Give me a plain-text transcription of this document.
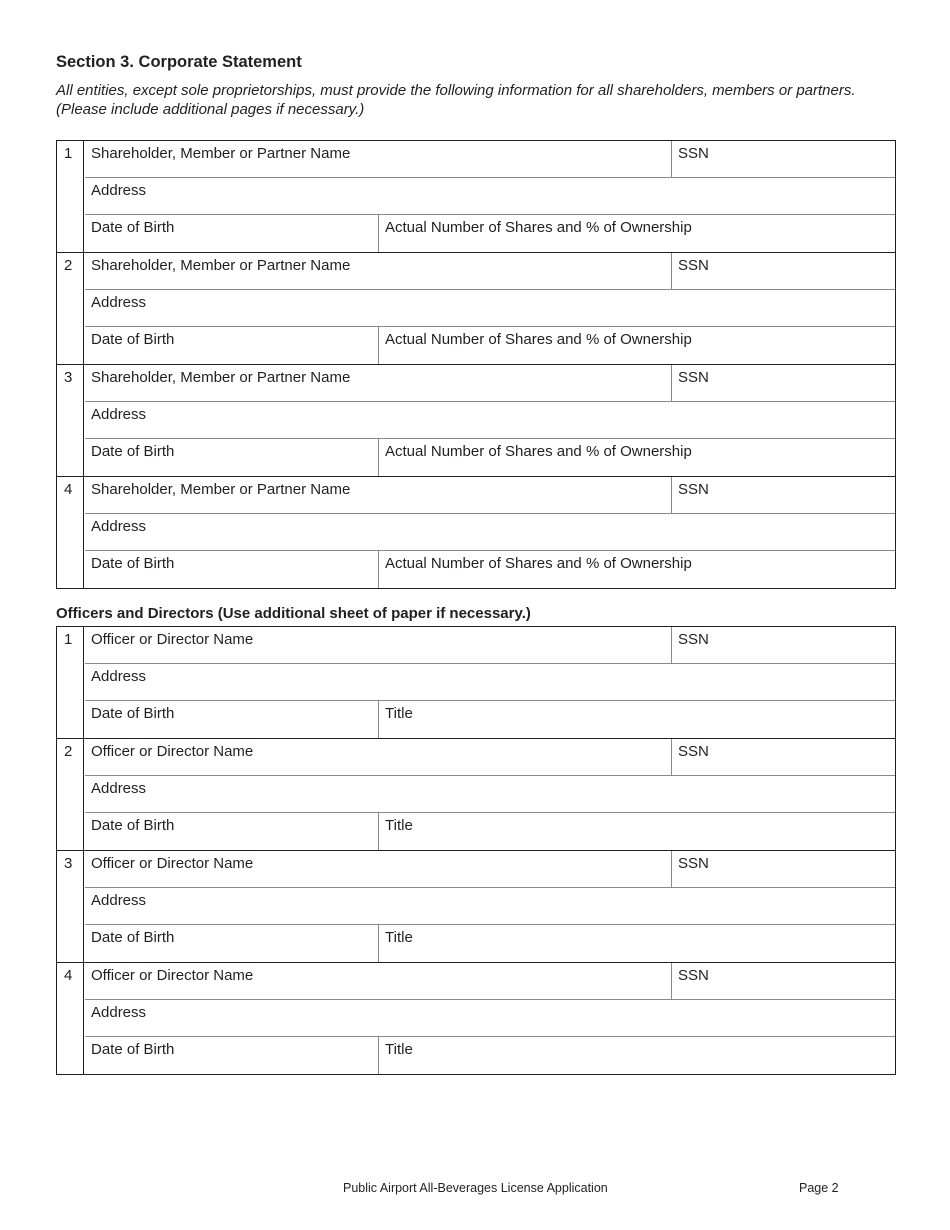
Section 3. Corporate Statement
All entities, except sole proprietorships, must provide the following information for all shareholders, members or partners. (Please include additional pages if necessary.)
1	Shareholder, Member or Partner Name	SSN
Address
Date of Birth	Actual Number of Shares and % of Ownership
2	Shareholder, Member or Partner Name	SSN
Address
Date of Birth	Actual Number of Shares and % of Ownership
3	Shareholder, Member or Partner Name	SSN
Address
Date of Birth	Actual Number of Shares and % of Ownership
4	Shareholder, Member or Partner Name	SSN
Address
Date of Birth	Actual Number of Shares and % of Ownership
Officers and Directors (Use additional sheet of paper if necessary.)
1	Officer or Director Name	SSN
Address
Date of Birth	Title
2	Officer or Director Name	SSN
Address
Date of Birth	Title
3	Officer or Director Name	SSN
Address
Date of Birth	Title
4	Officer or Director Name	SSN
Address
Date of Birth	Title
Public Airport All-Beverages License Application	Page 2
